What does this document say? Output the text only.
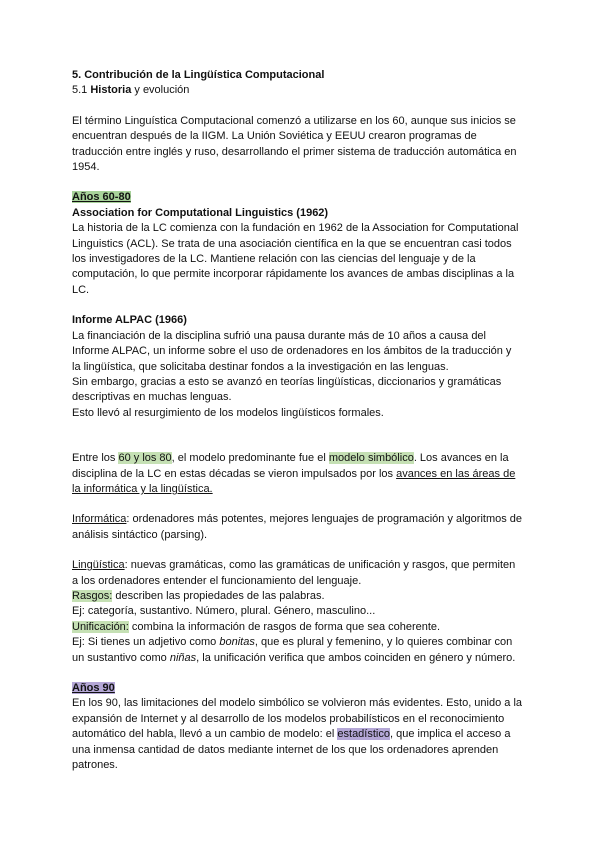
5. Contribución de la Lingüística Computacional
5.1 Historia y evolución
El término Linguística Computacional comenzó a utilizarse en los 60, aunque sus inicios se
encuentran después de la IIGM. La Unión Soviética y EEUU crearon programas de
traducción entre inglés y ruso, desarrollando el primer sistema de traducción automática en
1954.
Años 60-80
Association for Computational Linguistics (1962)
La historia de la LC comienza con la fundación en 1962 de la Association for Computational
Linguistics (ACL). Se trata de una asociación científica en la que se encuentran casi todos
los investigadores de la LC. Mantiene relación con las ciencias del lenguaje y de la
computación, lo que permite incorporar rápidamente los avances de ambas disciplinas a la
LC.
Informe ALPAC (1966)
La financiación de la disciplina sufrió una pausa durante más de 10 años a causa del
Informe ALPAC, un informe sobre el uso de ordenadores en los ámbitos de la traducción y
la lingüística, que solicitaba destinar fondos a la investigación en las lenguas.
Sin embargo, gracias a esto se avanzó en teorías lingüísticas, diccionarios y gramáticas
descriptivas en muchas lenguas.
Esto llevó al resurgimiento de los modelos lingüísticos formales.
Entre los 60 y los 80, el modelo predominante fue el modelo simbólico. Los avances en la
disciplina de la LC en estas décadas se vieron impulsados por los avances en las áreas de
la informática y la lingüística.
Informática: ordenadores más potentes, mejores lenguajes de programación y algoritmos de
análisis sintáctico (parsing).
Lingüística: nuevas gramáticas, como las gramáticas de unificación y rasgos, que permiten
a los ordenadores entender el funcionamiento del lenguaje.
Rasgos: describen las propiedades de las palabras.
Ej: categoría, sustantivo. Número, plural. Género, masculino...
Unificación: combina la información de rasgos de forma que sea coherente.
Ej: Si tienes un adjetivo como bonitas, que es plural y femenino, y lo quieres combinar con
un sustantivo como niñas, la unificación verifica que ambos coinciden en género y número.
Años 90
En los 90, las limitaciones del modelo simbólico se volvieron más evidentes. Esto, unido a la
expansión de Internet y al desarrollo de los modelos probabilísticos en el reconocimiento
automático del habla, llevó a un cambio de modelo: el estadístico, que implica el acceso a
una inmensa cantidad de datos mediante internet de los que los ordenadores aprenden
patrones.
